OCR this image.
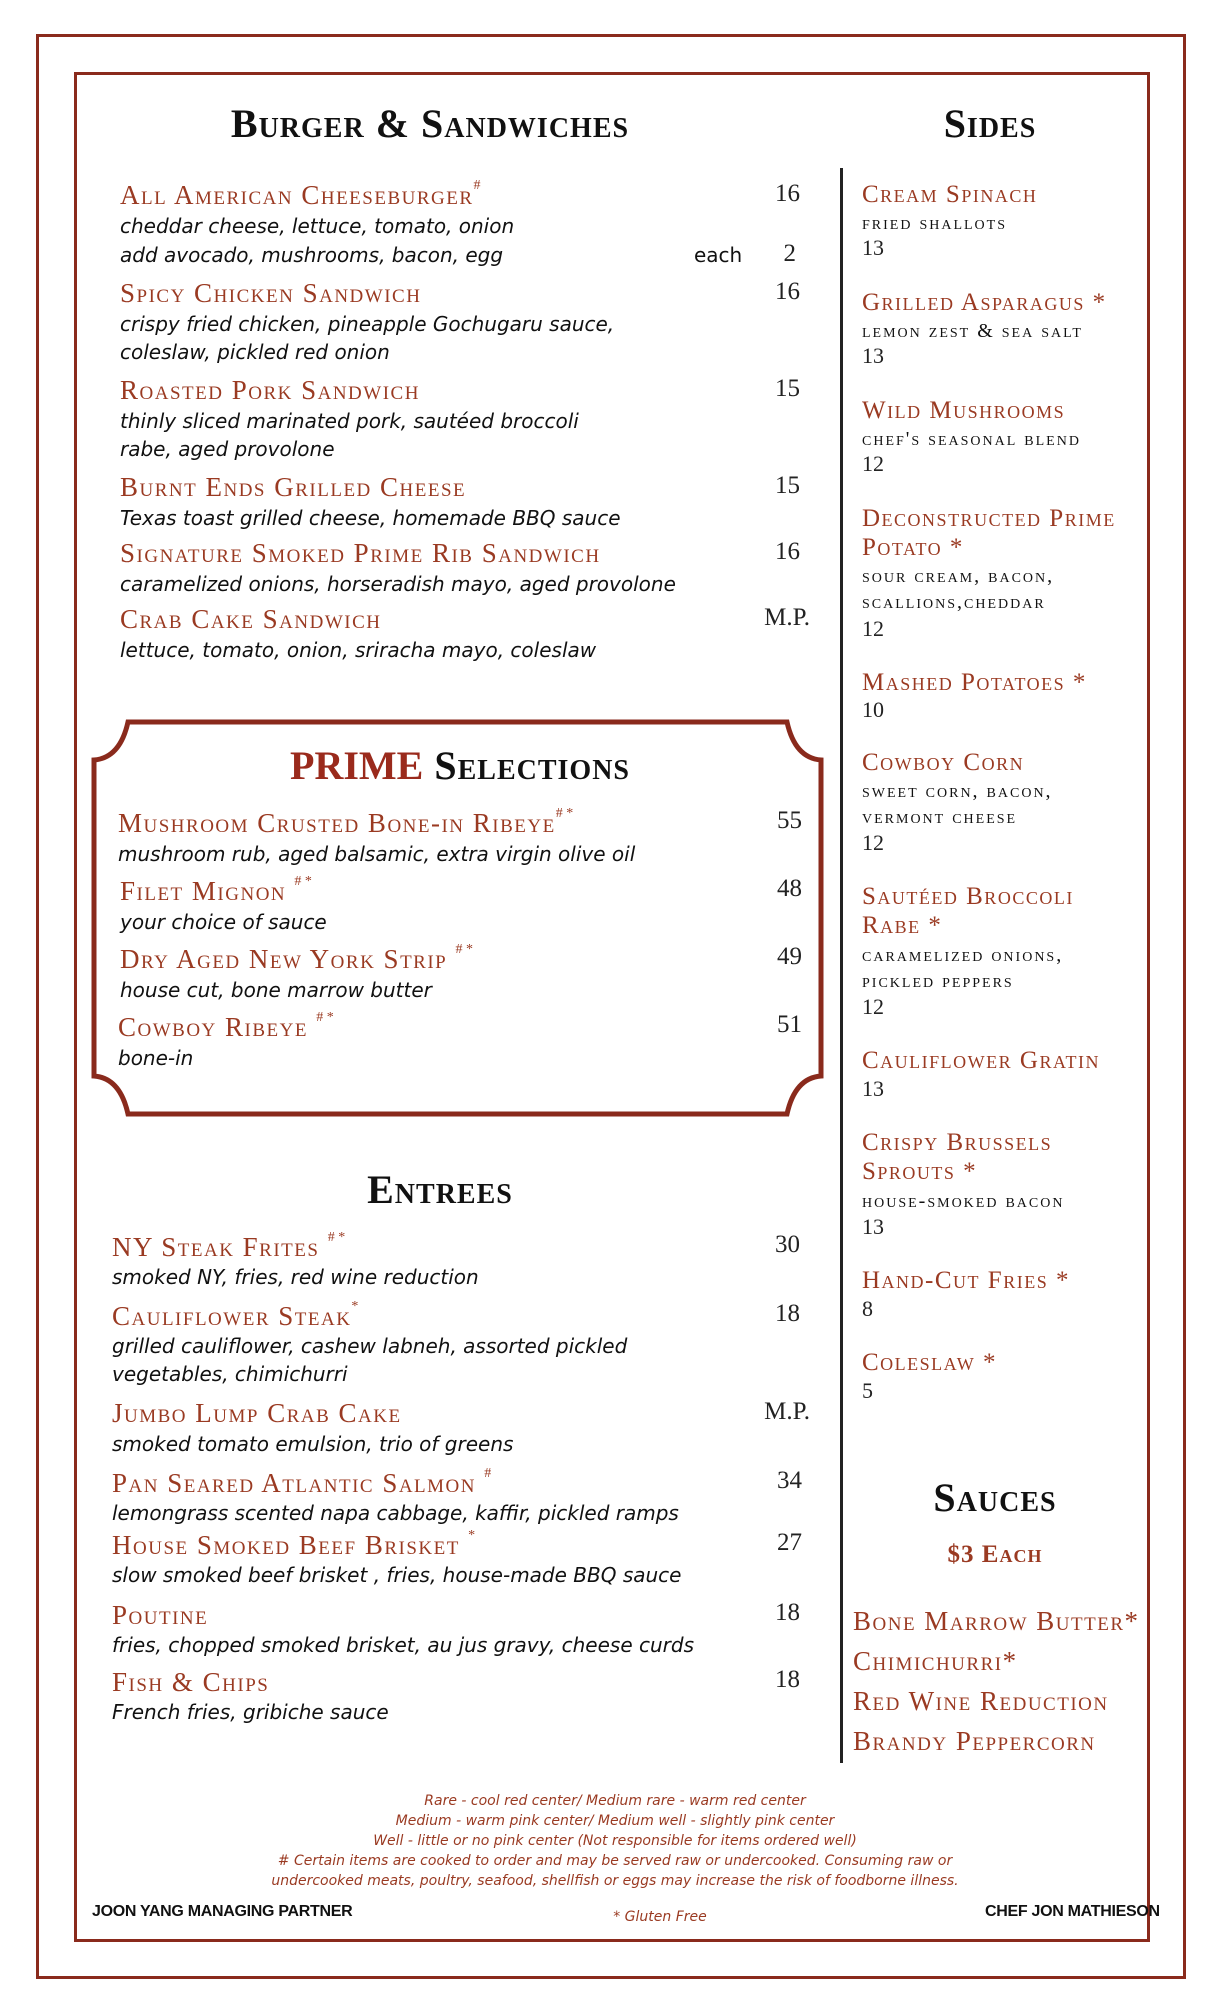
Burger & Sandwiches
All American Cheeseburger#	16
cheddar cheese, lettuce, tomato, onion
add avocado, mushrooms, bacon, egg	each	2
Spicy Chicken Sandwich	16
crispy fried chicken, pineapple Gochugaru sauce, coleslaw, pickled red onion
Roasted Pork Sandwich	15
thinly sliced marinated pork, sautéed broccoli rabe, aged provolone
Burnt Ends Grilled Cheese	15
Texas toast grilled cheese, homemade BBQ sauce
Signature Smoked Prime Rib Sandwich	16
caramelized onions, horseradish mayo, aged provolone
Crab Cake Sandwich	M.P.
lettuce, tomato, onion, sriracha mayo, coleslaw
PRIME Selections
Mushroom Crusted Bone-in Ribeye# *	55
mushroom rub, aged balsamic, extra virgin olive oil
Filet Mignon # *	48
your choice of sauce
Dry Aged New York Strip # *	49
house cut, bone marrow butter
Cowboy Ribeye # *	51
bone-in
Entrees
NY Steak Frites # *	30
smoked NY, fries, red wine reduction
Cauliflower Steak*	18
grilled cauliflower, cashew labneh, assorted pickled vegetables, chimichurri
Jumbo Lump Crab Cake	M.P.
smoked tomato emulsion, trio of greens
Pan Seared Atlantic Salmon #	34
lemongrass scented napa cabbage, kaffir, pickled ramps
House Smoked Beef Brisket *	27
slow smoked beef brisket , fries, house-made BBQ sauce
Poutine	18
fries, chopped smoked brisket, au jus gravy, cheese curds
Fish & Chips	18
French fries, gribiche sauce
Sides
Cream Spinach
fried shallots
13
Grilled Asparagus *
lemon zest & sea salt
13
Wild Mushrooms
chef's seasonal blend
12
Deconstructed Prime Potato *
sour cream, bacon, scallions,cheddar
12
Mashed Potatoes *
10
Cowboy Corn
sweet corn, bacon, vermont cheese
12
Sautéed Broccoli Rabe *
caramelized onions, pickled peppers
12
Cauliflower Gratin
13
Crispy Brussels Sprouts *
house-smoked bacon
13
Hand-Cut Fries *
8
Coleslaw *
5
Sauces
$3 Each
Bone Marrow Butter*
Chimichurri*
Red Wine Reduction
Brandy Peppercorn
Rare - cool red center/ Medium rare - warm red center
Medium - warm pink center/ Medium well - slightly pink center
Well - little or no pink center (Not responsible for items ordered well)
# Certain items are cooked to order and may be served raw or undercooked. Consuming raw or
undercooked meats, poultry, seafood, shellfish or eggs may increase the risk of foodborne illness.
* Gluten Free
JOON YANG MANAGING PARTNER	CHEF JON MATHIESON
